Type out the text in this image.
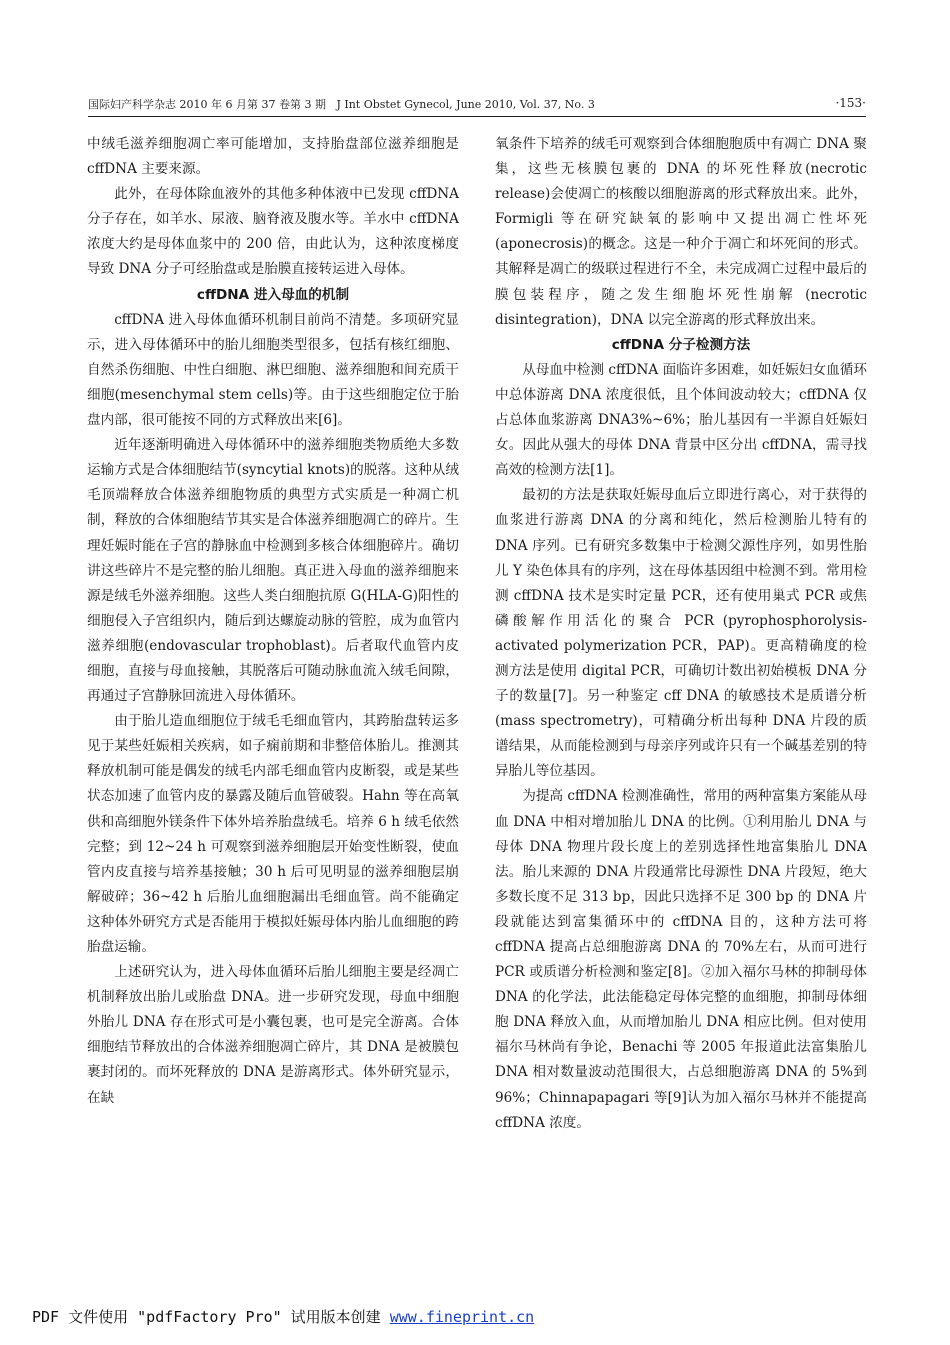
国际妇产科学杂志 2010 年 6 月第 37 卷第 3 期 J Int Obstet Gynecol, June 2010, Vol. 37, No. 3	·153·

中绒毛滋养细胞凋亡率可能增加，支持胎盘部位滋养细胞是 cffDNA 主要来源。

此外，在母体除血液外的其他多种体液中已发现 cffDNA 分子存在，如羊水、尿液、脑脊液及腹水等。羊水中 cffDNA 浓度大约是母体血浆中的 200 倍，由此认为，这种浓度梯度导致 DNA 分子可经胎盘或是胎膜直接转运进入母体。

cffDNA 进入母血的机制

cffDNA 进入母体血循环机制目前尚不清楚。多项研究显示，进入母体循环中的胎儿细胞类型很多，包括有核红细胞、自然杀伤细胞、中性白细胞、淋巴细胞、滋养细胞和间充质干细胞(mesenchymal stem cells)等。由于这些细胞定位于胎盘内部，很可能按不同的方式释放出来[6]。

近年逐渐明确进入母体循环中的滋养细胞类物质绝大多数运输方式是合体细胞结节(syncytial knots)的脱落。这种从绒毛顶端释放合体滋养细胞物质的典型方式实质是一种凋亡机制，释放的合体细胞结节其实是合体滋养细胞凋亡的碎片。生理妊娠时能在子宫的静脉血中检测到多核合体细胞碎片。确切讲这些碎片不是完整的胎儿细胞。真正进入母血的滋养细胞来源是绒毛外滋养细胞。这些人类白细胞抗原 G(HLA-G)阳性的细胞侵入子宫组织内，随后到达螺旋动脉的管腔，成为血管内滋养细胞(endovascular trophoblast)。后者取代血管内皮细胞，直接与母血接触，其脱落后可随动脉血流入绒毛间隙，再通过子宫静脉回流进入母体循环。

由于胎儿造血细胞位于绒毛毛细血管内，其跨胎盘转运多见于某些妊娠相关疾病，如子痫前期和非整倍体胎儿。推测其释放机制可能是偶发的绒毛内部毛细血管内皮断裂，或是某些状态加速了血管内皮的暴露及随后血管破裂。Hahn 等在高氧供和高细胞外镁条件下体外培养胎盘绒毛。培养 6 h 绒毛依然完整；到 12~24 h 可观察到滋养细胞层开始变性断裂，使血管内皮直接与培养基接触；30 h 后可见明显的滋养细胞层崩解破碎；36~42 h 后胎儿血细胞漏出毛细血管。尚不能确定这种体外研究方式是否能用于模拟妊娠母体内胎儿血细胞的跨胎盘运输。

上述研究认为，进入母体血循环后胎儿细胞主要是经凋亡机制释放出胎儿或胎盘 DNA。进一步研究发现，母血中细胞外胎儿 DNA 存在形式可是小囊包裹，也可是完全游离。合体细胞结节释放出的合体滋养细胞凋亡碎片，其 DNA 是被膜包裹封闭的。而坏死释放的 DNA 是游离形式。体外研究显示，在缺

氧条件下培养的绒毛可观察到合体细胞胞质中有凋亡 DNA 聚集，这些无核膜包裹的 DNA 的坏死性释放(necrotic release)会使凋亡的核酸以细胞游离的形式释放出来。此外，Formigli 等在研究缺氧的影响中又提出凋亡性坏死(aponecrosis)的概念。这是一种介于凋亡和坏死间的形式。其解释是凋亡的级联过程进行不全，未完成凋亡过程中最后的膜包装程序，随之发生细胞坏死性崩解 (necrotic disintegration)，DNA 以完全游离的形式释放出来。

cffDNA 分子检测方法

从母血中检测 cffDNA 面临许多困难，如妊娠妇女血循环中总体游离 DNA 浓度很低，且个体间波动较大；cffDNA 仅占总体血浆游离 DNA3%~6%；胎儿基因有一半源自妊娠妇女。因此从强大的母体 DNA 背景中区分出 cffDNA，需寻找高效的检测方法[1]。

最初的方法是获取妊娠母血后立即进行离心，对于获得的血浆进行游离 DNA 的分离和纯化，然后检测胎儿特有的 DNA 序列。已有研究多数集中于检测父源性序列，如男性胎儿 Y 染色体具有的序列，这在母体基因组中检测不到。常用检测 cffDNA 技术是实时定量 PCR，还有使用巢式 PCR 或焦磷酸解作用活化的聚合 PCR (pyrophosphorolysis-activated polymerization PCR，PAP)。更高精确度的检测方法是使用 digital PCR，可确切计数出初始模板 DNA 分子的数量[7]。另一种鉴定 cff DNA 的敏感技术是质谱分析(mass spectrometry)，可精确分析出每种 DNA 片段的质谱结果，从而能检测到与母亲序列或许只有一个碱基差别的特异胎儿等位基因。

为提高 cffDNA 检测准确性，常用的两种富集方案能从母血 DNA 中相对增加胎儿 DNA 的比例。①利用胎儿 DNA 与母体 DNA 物理片段长度上的差别选择性地富集胎儿 DNA 法。胎儿来源的 DNA 片段通常比母源性 DNA 片段短，绝大多数长度不足 313 bp，因此只选择不足 300 bp 的 DNA 片段就能达到富集循环中的 cffDNA 目的，这种方法可将 cffDNA 提高占总细胞游离 DNA 的 70%左右，从而可进行 PCR 或质谱分析检测和鉴定[8]。②加入福尔马林的抑制母体 DNA 的化学法，此法能稳定母体完整的血细胞，抑制母体细胞 DNA 释放入血，从而增加胎儿 DNA 相应比例。但对使用福尔马林尚有争论，Benachi 等 2005 年报道此法富集胎儿 DNA 相对数量波动范围很大，占总细胞游离 DNA 的 5%到 96%；Chinnapapagari 等[9]认为加入福尔马林并不能提高 cffDNA 浓度。

PDF 文件使用 "pdfFactory Pro" 试用版本创建 www.fineprint.cn
